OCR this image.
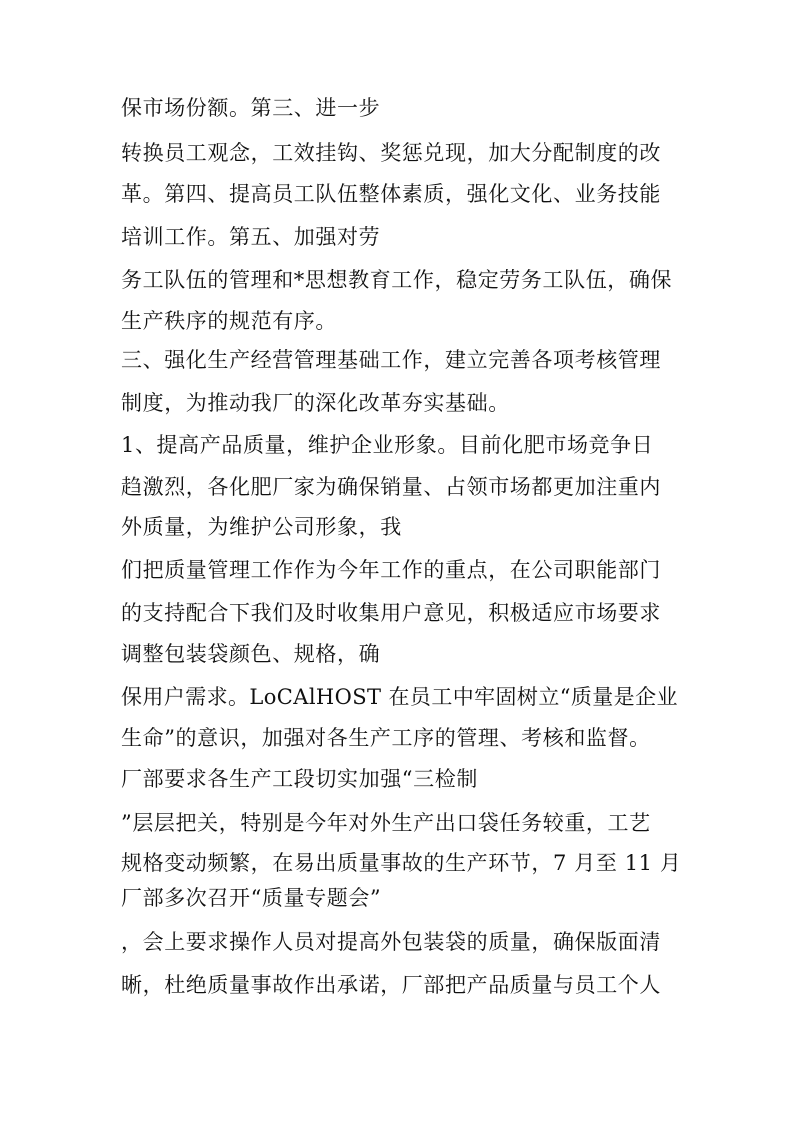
保市场份额。第三、进一步
转换员工观念，工效挂钩、奖惩兑现，加大分配制度的改
革。第四、提高员工队伍整体素质，强化文化、业务技能
培训工作。第五、加强对劳
务工队伍的管理和*思想教育工作，稳定劳务工队伍，确保
生产秩序的规范有序。
三、强化生产经营管理基础工作，建立完善各项考核管理
制度，为推动我厂的深化改革夯实基础。
1、提高产品质量，维护企业形象。目前化肥市场竞争日
趋激烈，各化肥厂家为确保销量、占领市场都更加注重内
外质量，为维护公司形象，我
们把质量管理工作作为今年工作的重点，在公司职能部门
的支持配合下我们及时收集用户意见，积极适应市场要求
调整包装袋颜色、规格，确
保用户需求。LoCAlHOST 在员工中牢固树立“质量是企业
生命”的意识，加强对各生产工序的管理、考核和监督。
厂部要求各生产工段切实加强“三检制
”层层把关，特别是今年对外生产出口袋任务较重，工艺
规格变动频繁，在易出质量事故的生产环节，7 月至 11 月
厂部多次召开“质量专题会”
，会上要求操作人员对提高外包装袋的质量，确保版面清
晰，杜绝质量事故作出承诺，厂部把产品质量与员工个人
